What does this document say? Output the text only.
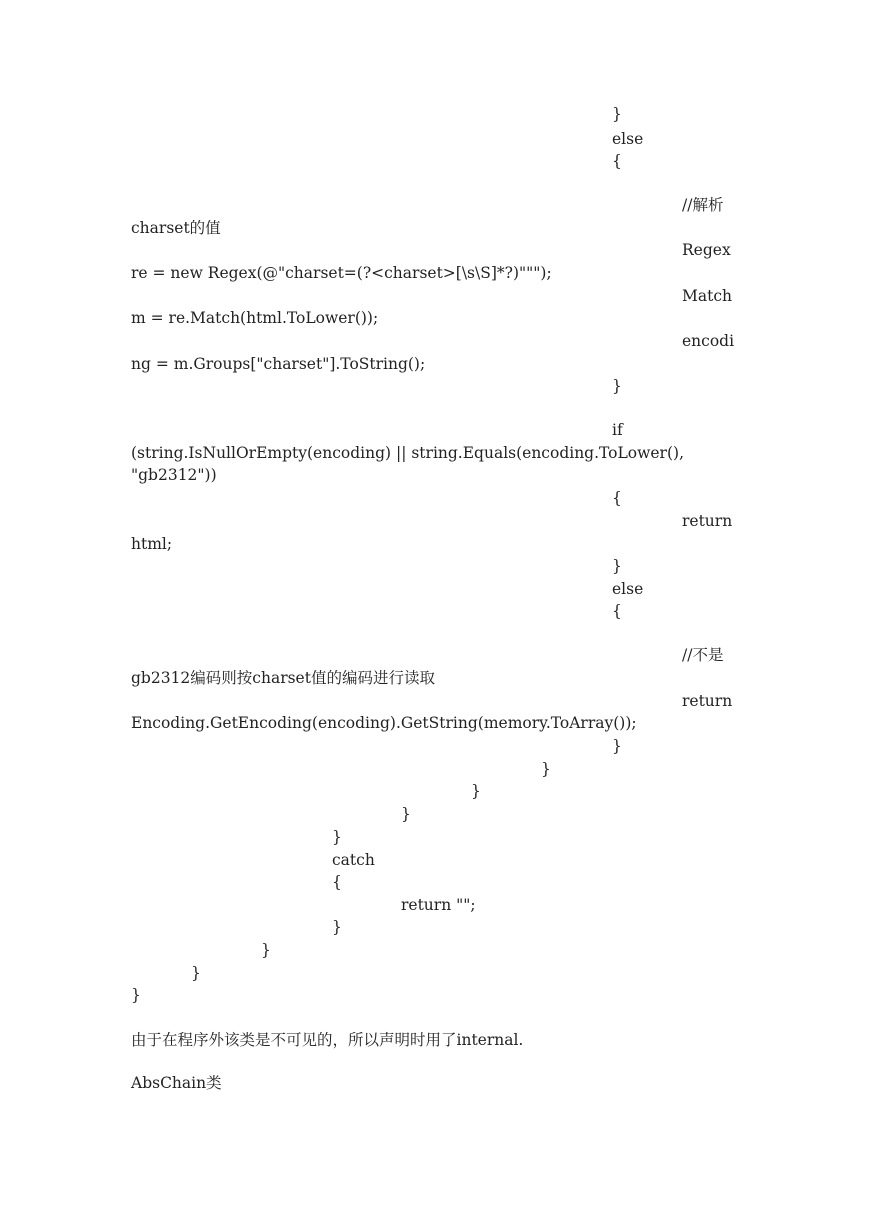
}
else
{
//解析
charset的值
Regex
re = new Regex(@"charset=(?<charset>[\s\S]*?)""");
Match
m = re.Match(html.ToLower());
encodi
ng = m.Groups["charset"].ToString();
}
if
(string.IsNullOrEmpty(encoding) || string.Equals(encoding.ToLower(),
"gb2312"))
{
return
html;
}
else
{
//不是
gb2312编码则按charset值的编码进行读取
return
Encoding.GetEncoding(encoding).GetString(memory.ToArray());
}
}
}
}
}
catch
{
return "";
}
}
}
}
由于在程序外该类是不可见的，所以声明时用了internal.
AbsChain类
